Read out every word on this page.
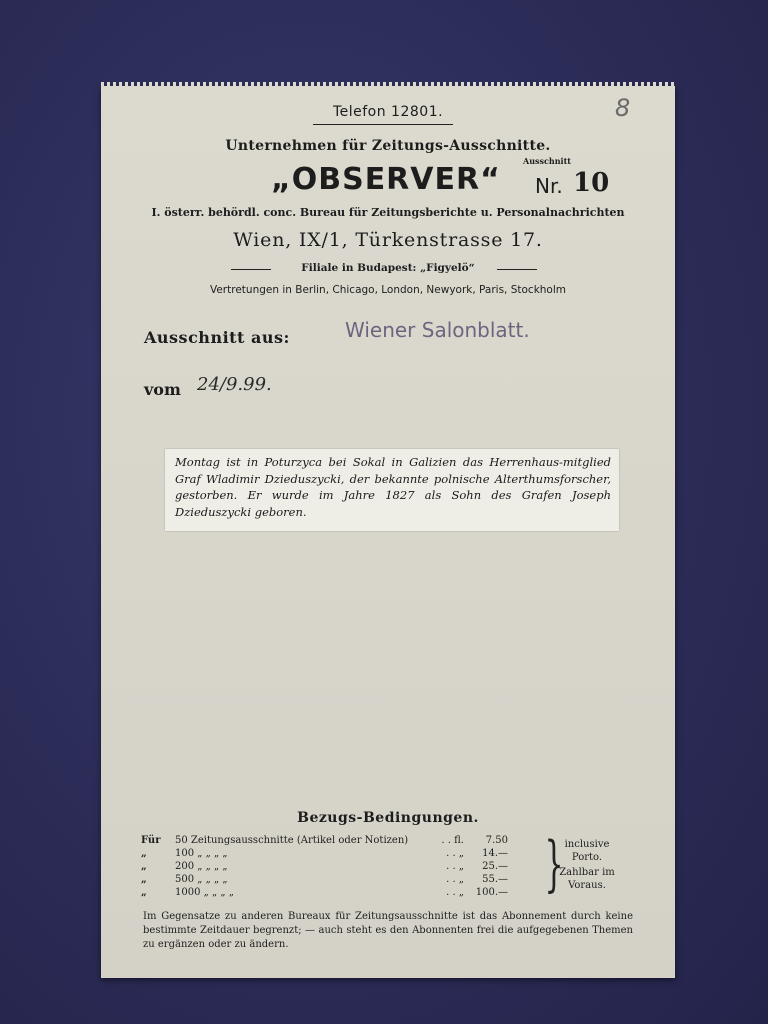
Telefon 12801.	8
Unternehmen für Zeitungs-Ausschnitte.
Ausschnitt
„OBSERVER“ Nr. 10
I. österr. behördl. conc. Bureau für Zeitungsberichte u. Personalnachrichten
Wien, IX/1, Türkenstrasse 17.
Filiale in Budapest: „Figyelö“
Vertretungen in Berlin, Chicago, London, Newyork, Paris, Stockholm
Ausschnitt aus:	Wiener Salonblatt.
vom 24/9.99.
Montag ist in Poturzyca bei Sokal in Galizien das Herrenhaus-mitglied Graf Wladimir Dzieduszycki, der bekannte polnische Alterthumsforscher, gestorben. Er wurde im Jahre 1827 als Sohn des Grafen Joseph Dzieduszycki geboren.
Bezugs-Bedingungen.
Für	50 Zeitungsausschnitte (Artikel oder Notizen)	. . fl.	7.50
„	100 „ „ „ „	. . „	14.—
„	200 „ „ „ „	. . „	25.—
„	500 „ „ „ „	. . „	55.—
„	1000 „ „ „ „	. . „	100.— } inclusive Porto.
Zahlbar im Voraus.
Im Gegensatze zu anderen Bureaux für Zeitungsausschnitte ist das Abonnement durch keine bestimmte Zeitdauer begrenzt; — auch steht es den Abonnenten frei die aufgegebenen Themen zu ergänzen oder zu ändern.
